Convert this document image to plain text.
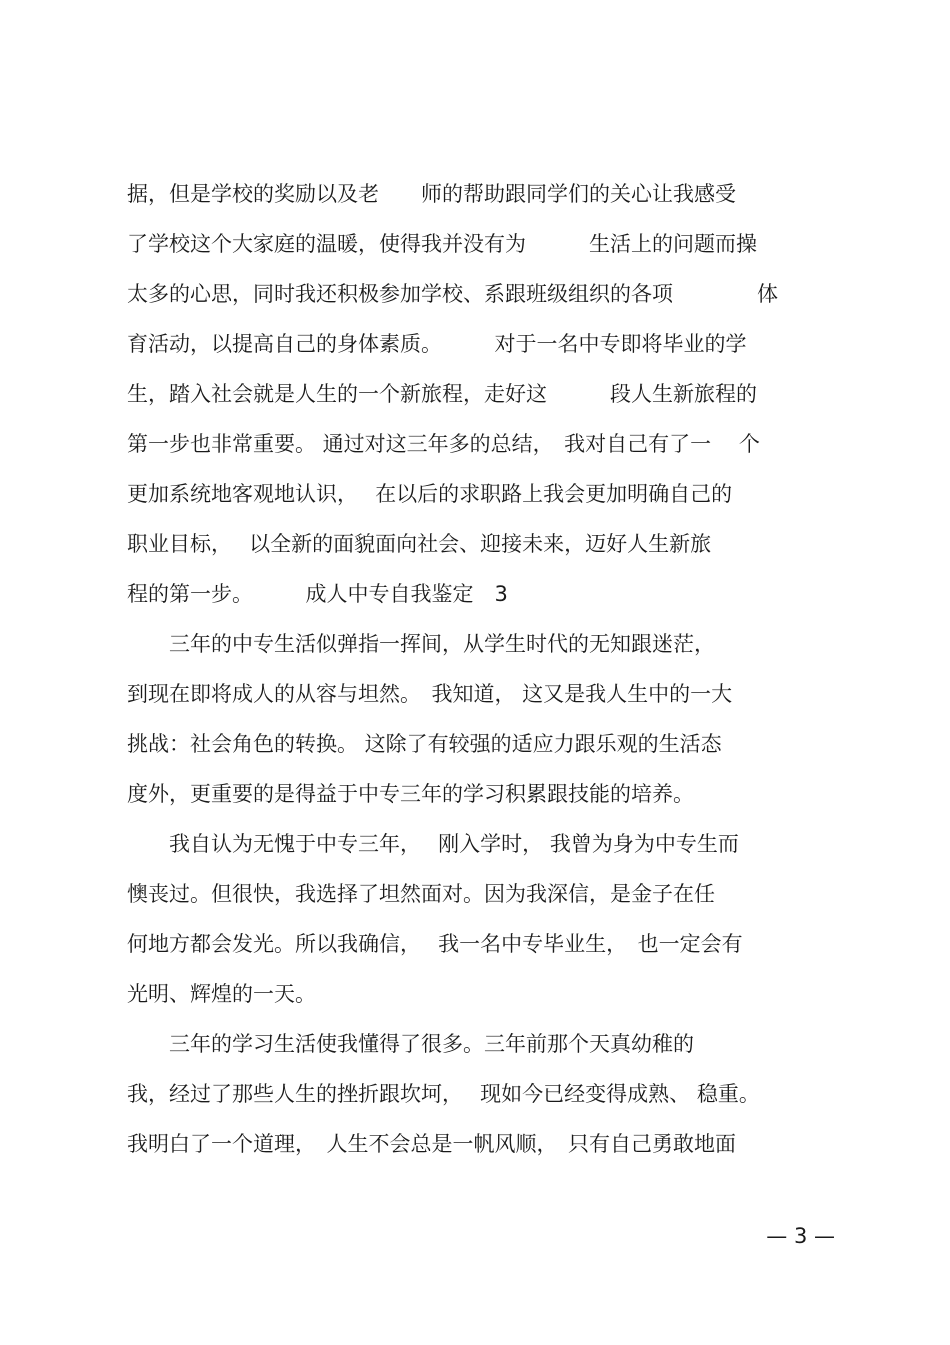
据，但是学校的奖励以及老　　师的帮助跟同学们的关心让我感受
了学校这个大家庭的温暖，使得我并没有为　　　生活上的问题而操
太多的心思，同时我还积极参加学校、系跟班级组织的各项　　　　体
育活动，以提高自己的身体素质。　　　对于一名中专即将毕业的学
生，踏入社会就是人生的一个新旅程，走好这　　　段人生新旅程的
第一步也非常重要。 通过对这三年多的总结，　我对自己有了一　 个
更加系统地客观地认识，　 在以后的求职路上我会更加明确自己的
职业目标，　 以全新的面貌面向社会、迎接未来，迈好人生新旅
程的第一步。　　　成人中专自我鉴定　3
　　三年的中专生活似弹指一挥间，从学生时代的无知跟迷茫，
到现在即将成人的从容与坦然。　我知道， 这又是我人生中的一大
挑战：社会角色的转换。 这除了有较强的适应力跟乐观的生活态
度外，更重要的是得益于中专三年的学习积累跟技能的培养。
　　我自认为无愧于中专三年，　 刚入学时， 我曾为身为中专生而
懊丧过。但很快，我选择了坦然面对。因为我深信，是金子在任
何地方都会发光。所以我确信，　 我一名中专毕业生，　也一定会有
光明、辉煌的一天。
　　三年的学习生活使我懂得了很多。三年前那个天真幼稚的
我，经过了那些人生的挫折跟坎坷，　 现如今已经变得成熟、 稳重。
我明白了一个道理，　人生不会总是一帆风顺，　只有自己勇敢地面
— 3 —
